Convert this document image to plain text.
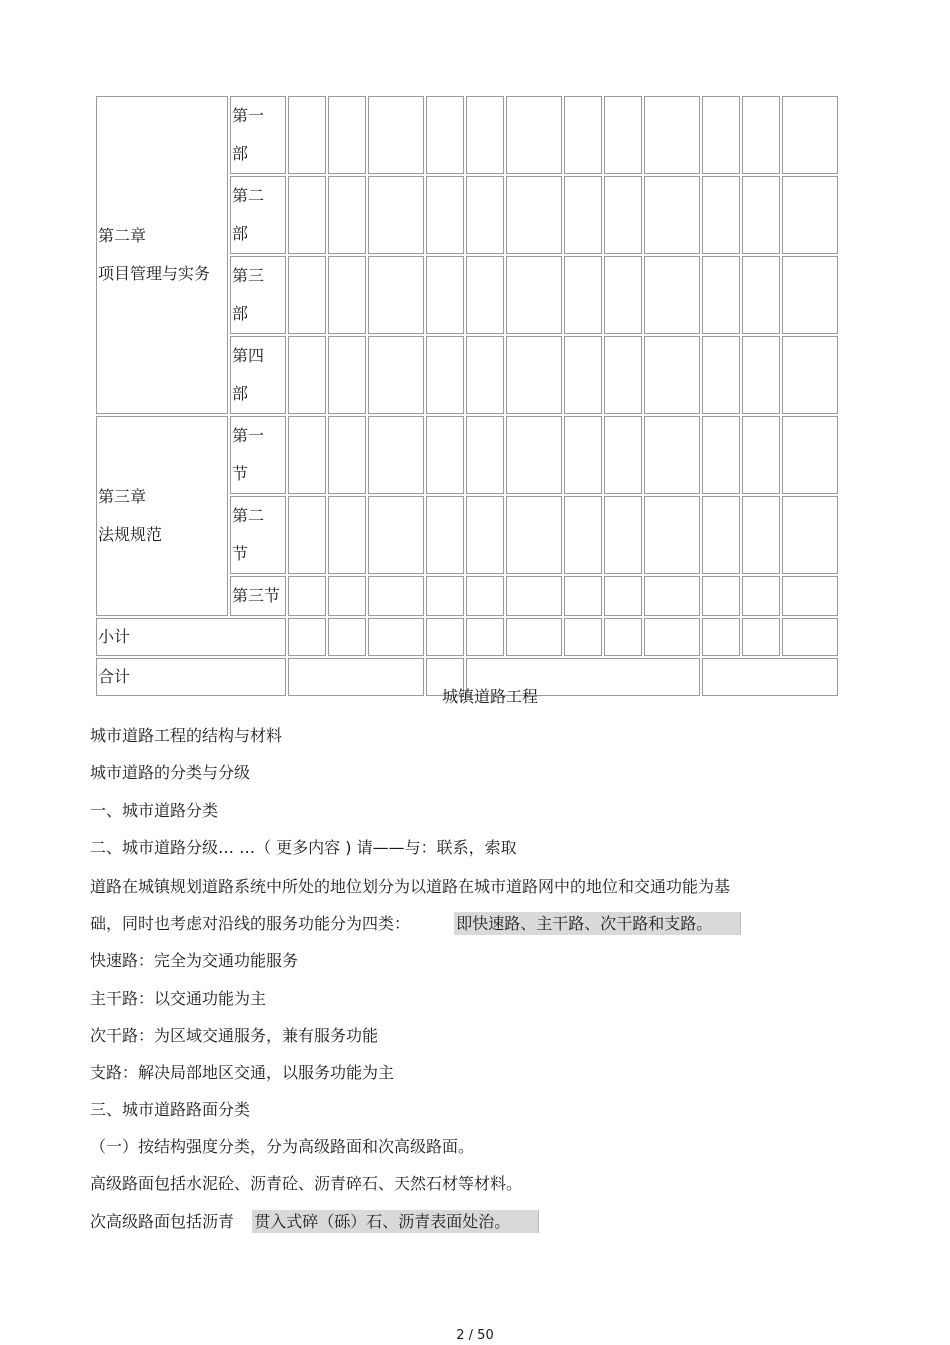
第二章
项目管理与实务	第一部												

	第二部												

	第三部												

	第四部												

第三章
法规规范	第一节												

	第二节												

	第三节												

小计													
合计													
城镇道路工程
城市道路工程的结构与材料
城市道路的分类与分级
一、城市道路分类
二、城市道路分级… …（ 更多内容 ) 请——与：联系，索取
道路在城镇规划道路系统中所处的地位划分为以道路在城市道路网中的地位和交通功能为基
础，同时也考虑对沿线的服务功能分为四类：	即快速路、主干路、次干路和支路。
快速路：完全为交通功能服务
主干路：以交通功能为主
次干路：为区域交通服务，兼有服务功能
支路：解决局部地区交通，以服务功能为主
三、城市道路路面分类
（一）按结构强度分类，分为高级路面和次高级路面。
高级路面包括水泥砼、沥青砼、沥青碎石、天然石材等材料。
次高级路面包括沥青 贯入式碎（砾）石、沥青表面处治。
2 / 50
